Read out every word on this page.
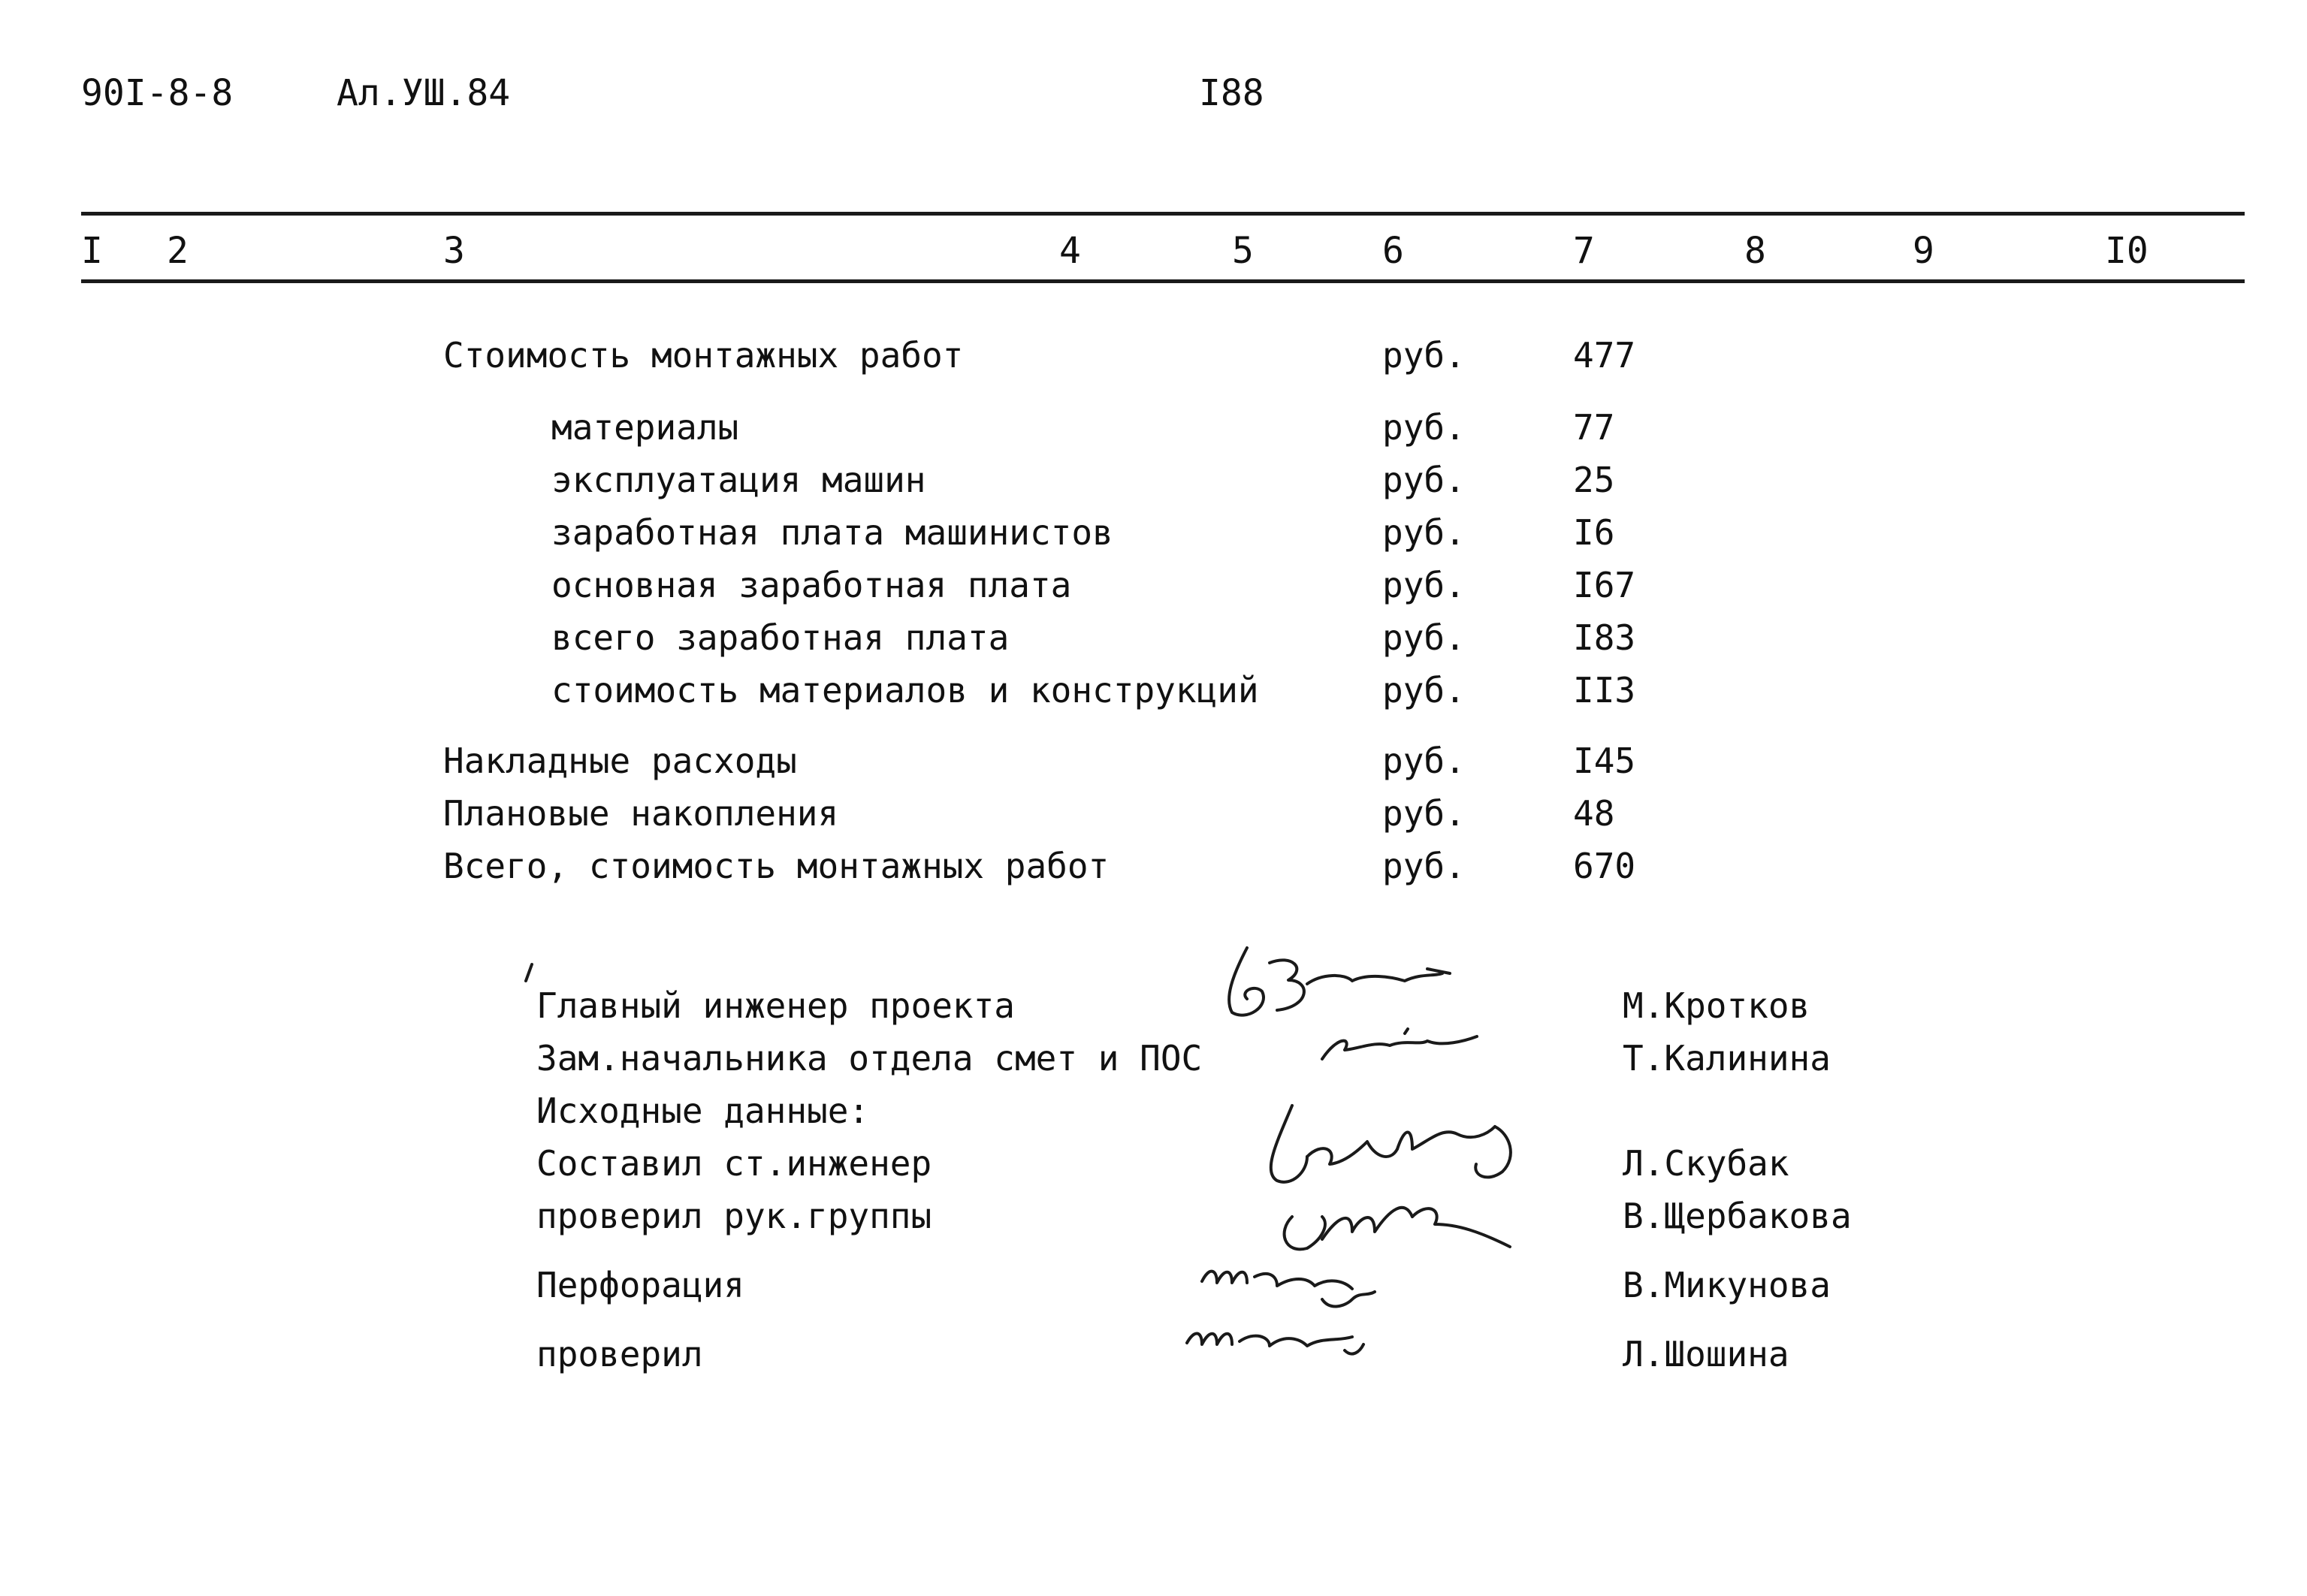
90I-8-8	Ал.УШ.84	I88
I 2	3	4	5	6	7	8	9	I0
Стоимость монтажных работ	руб.	477
материалы	руб.	77
эксплуатация машин	руб.	25
заработная плата машинистов	руб.	I6
основная заработная плата	руб.	I67
всего заработная плата	руб.	I83
стоимость материалов и конструкций	руб.	II3
Накладные расходы	руб.	I45
Плановые накопления	руб.	48
Всего, стоимость монтажных работ	руб.	670
Главный инженер проекта	М.Кротков
Зам.начальника отдела смет и ПОС	Т.Калинина
Исходные данные:
Составил ст.инженер	Л.Скубак
проверил рук.группы	В.Щербакова
Перфорация	В.Микунова
проверил	Л.Шошина
